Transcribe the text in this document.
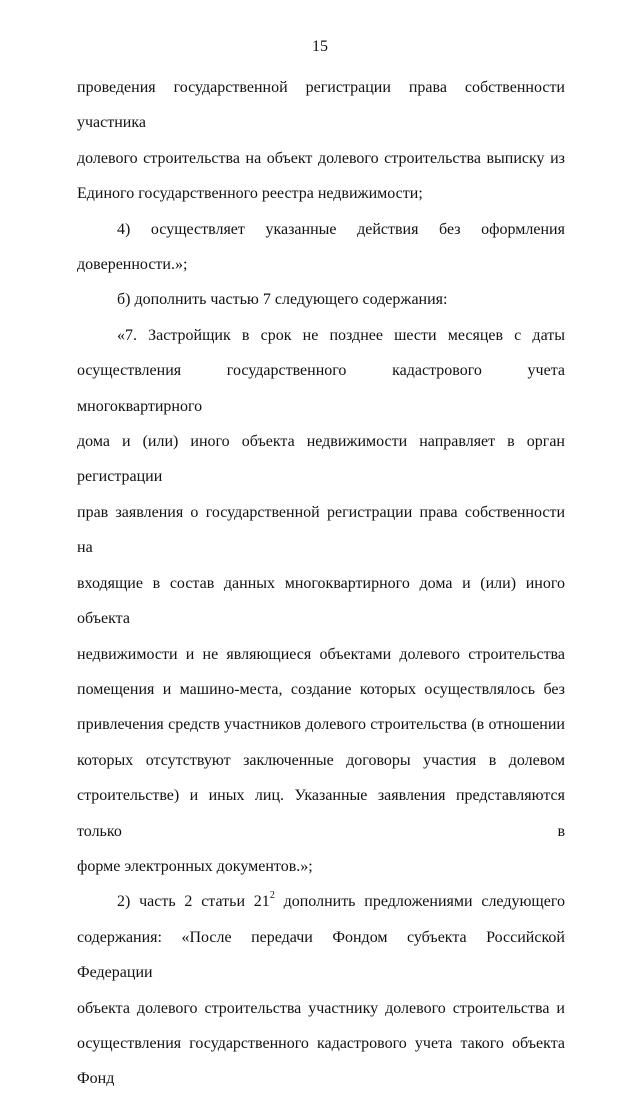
15
проведения государственной регистрации права собственности участника
долевого строительства на объект долевого строительства выписку из
Единого государственного реестра недвижимости;
4) осуществляет указанные действия без оформления
доверенности.»;
б) дополнить частью 7 следующего содержания:
«7. Застройщик в срок не позднее шести месяцев с даты
осуществления государственного кадастрового учета многоквартирного
дома и (или) иного объекта недвижимости направляет в орган регистрации
прав заявления о государственной регистрации права собственности на
входящие в состав данных многоквартирного дома и (или) иного объекта
недвижимости и не являющиеся объектами долевого строительства
помещения и машино-места, создание которых осуществлялось без
привлечения средств участников долевого строительства (в отношении
которых отсутствуют заключенные договоры участия в долевом
строительстве) и иных лиц. Указанные заявления представляются только в
форме электронных документов.»;
2) часть 2 статьи $21^2$ дополнить предложениями следующего
содержания: «После передачи Фондом субъекта Российской Федерации
объекта долевого строительства участнику долевого строительства и
осуществления государственного кадастрового учета такого объекта Фонд
